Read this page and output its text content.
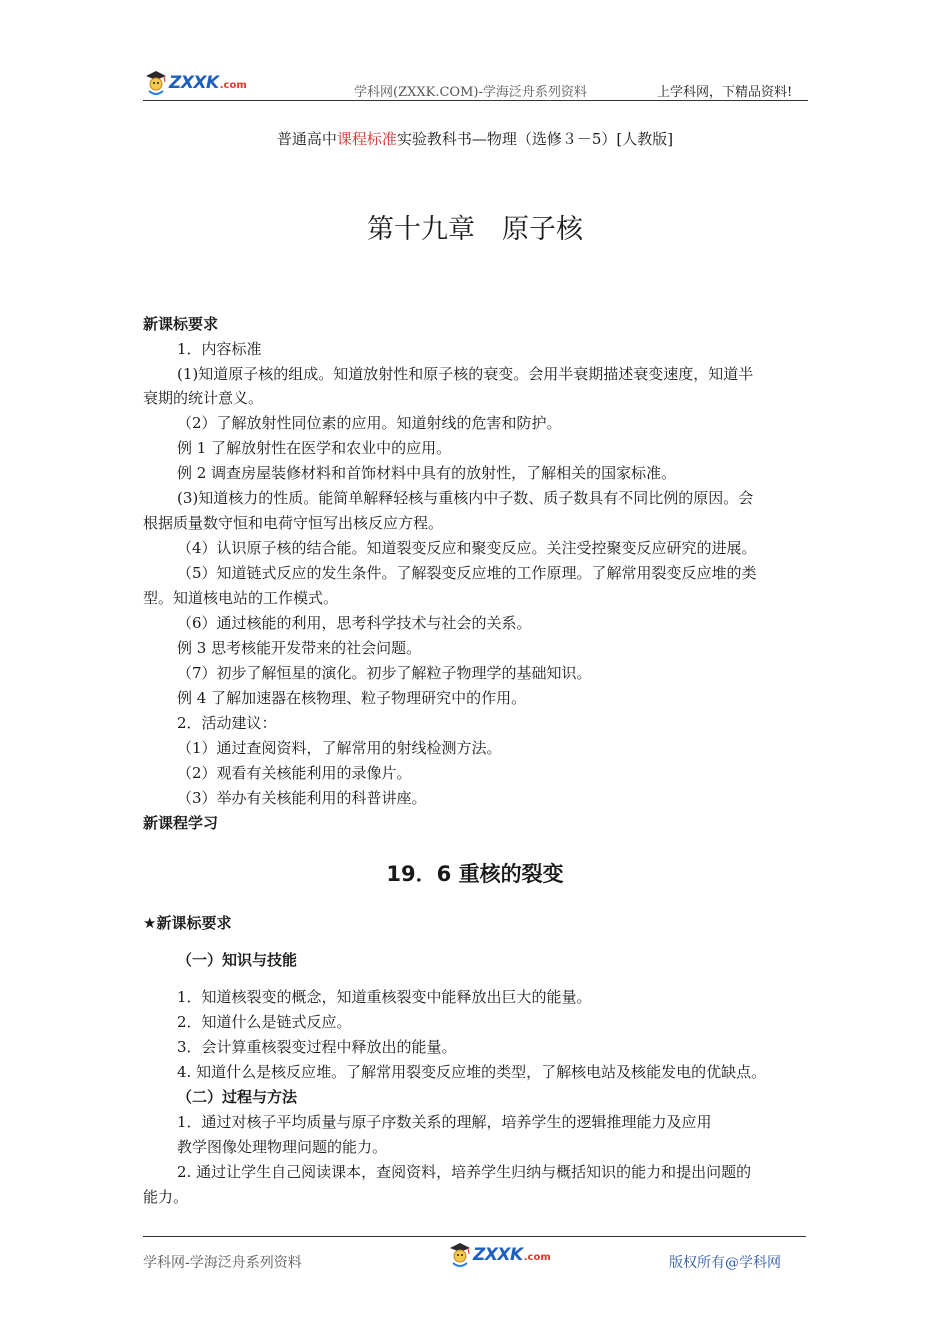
ZXXK .com	学科网(ZXXK.COM)-学海泛舟系列资料	上学科网，下精品资料!
普通高中课程标准实验教科书—物理（选修３－5）[人教版]
第十九章　原子核
新课标要求
1．内容标准
(1)知道原子核的组成。知道放射性和原子核的衰变。会用半衰期描述衰变速度，知道半
衰期的统计意义。
（2）了解放射性同位素的应用。知道射线的危害和防护。
例 1 了解放射性在医学和农业中的应用。
例 2 调查房屋装修材料和首饰材料中具有的放射性，了解相关的国家标准。
(3)知道核力的性质。能简单解释轻核与重核内中子数、质子数具有不同比例的原因。会
根据质量数守恒和电荷守恒写出核反应方程。
（4）认识原子核的结合能。知道裂变反应和聚变反应。关注受控聚变反应研究的进展。
（5）知道链式反应的发生条件。了解裂变反应堆的工作原理。了解常用裂变反应堆的类
型。知道核电站的工作模式。
（6）通过核能的利用，思考科学技术与社会的关系。
例 3 思考核能开发带来的社会问题。
（7）初步了解恒星的演化。初步了解粒子物理学的基础知识。
例 4 了解加速器在核物理、粒子物理研究中的作用。
2．活动建议：
（1）通过查阅资料，了解常用的射线检测方法。
（2）观看有关核能利用的录像片。
（3）举办有关核能利用的科普讲座。
新课程学习
19．6 重核的裂变
★新课标要求
（一）知识与技能
1．知道核裂变的概念，知道重核裂变中能释放出巨大的能量。
2．知道什么是链式反应。
3．会计算重核裂变过程中释放出的能量。
4. 知道什么是核反应堆。了解常用裂变反应堆的类型，了解核电站及核能发电的优缺点。
（二）过程与方法
1．通过对核子平均质量与原子序数关系的理解，培养学生的逻辑推理能力及应用
教学图像处理物理问题的能力。
2. 通过让学生自己阅读课本，查阅资料，培养学生归纳与概括知识的能力和提出问题的
能力。
学科网-学海泛舟系列资料	ZXXK .com	版权所有@学科网
